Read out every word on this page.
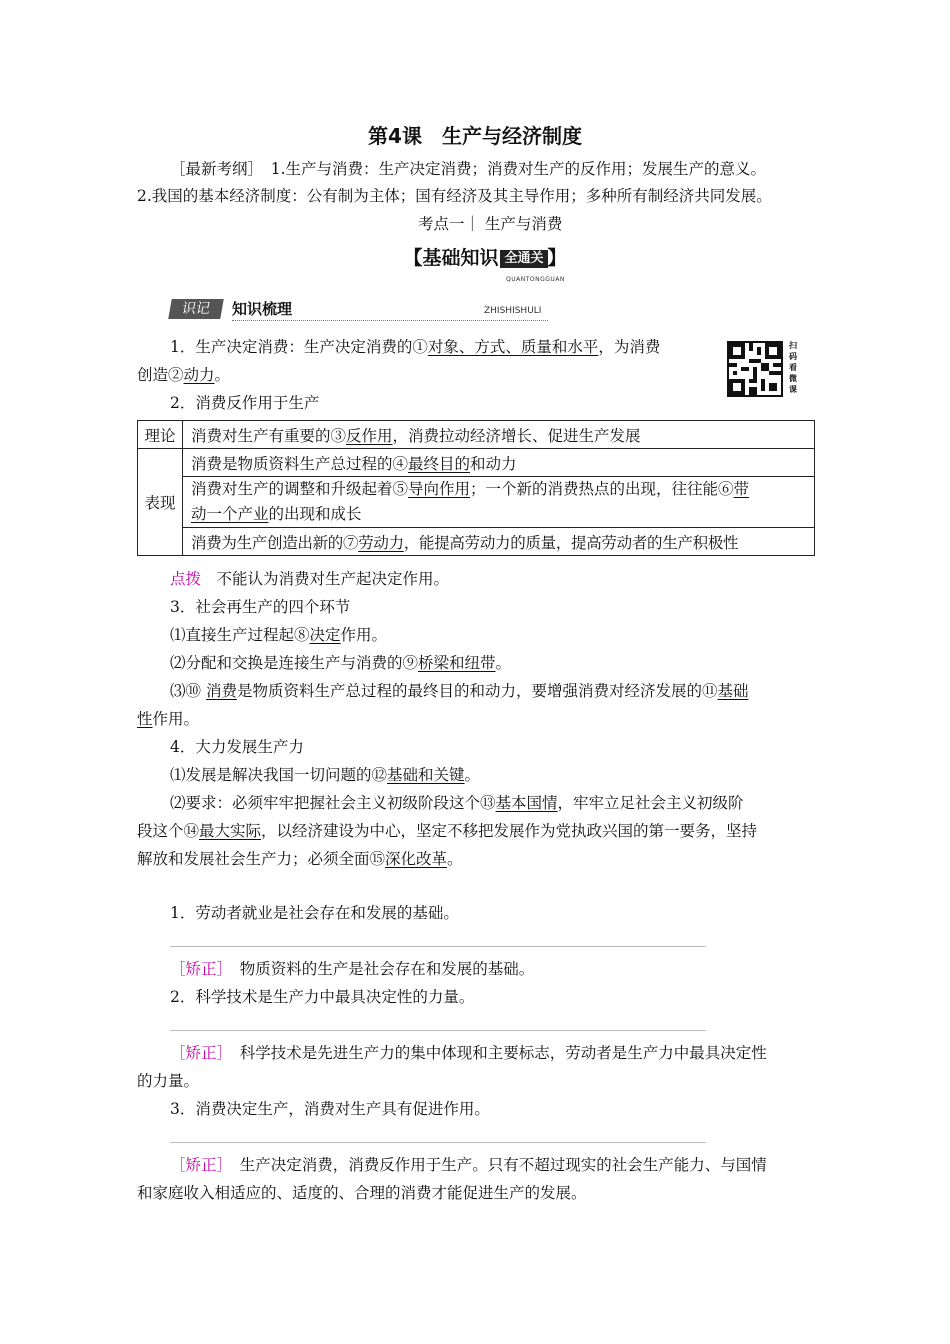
第4课　生产与经济制度
［最新考纲］　1.生产与消费：生产决定消费；消费对生产的反作用；发展生产的意义。
2.我国的基本经济制度：公有制为主体；国有经济及其主导作用；多种所有制经济共同发展。
考点一｜ 生产与消费
【基础知识 全通关 】
QUANTONGGUAN
识记	知识梳理	ZHISHISHULI
扫码看微课
1．生产决定消费：生产决定消费的①对象、方式、质量和水平，为消费
创造②动力。
2．消费反作用于生产
理论	消费对生产有重要的③反作用，消费拉动经济增长、促进生产发展
表现	消费是物质资料生产总过程的④最终目的和动力
	消费对生产的调整和升级起着⑤导向作用；一个新的消费热点的出现，往往能⑥带
动一个产业的出现和成长
	消费为生产创造出新的⑦劳动力，能提高劳动力的质量，提高劳动者的生产积极性
点拨　 不能认为消费对生产起决定作用。
3．社会再生产的四个环节
⑴直接生产过程起⑧决定作用。
⑵分配和交换是连接生产与消费的⑨桥梁和纽带。
⑶⑩ 消费是物质资料生产总过程的最终目的和动力，要增强消费对经济发展的⑪基础
性作用。
4．大力发展生产力
⑴发展是解决我国一切问题的⑫基础和关键。
⑵要求：必须牢牢把握社会主义初级阶段这个⑬基本国情，牢牢立足社会主义初级阶
段这个⑭最大实际，以经济建设为中心，坚定不移把发展作为党执政兴国的第一要务，坚持
解放和发展社会生产力；必须全面⑮深化改革。
1．劳动者就业是社会存在和发展的基础。
［矫正］　 物质资料的生产是社会存在和发展的基础。
2．科学技术是生产力中最具决定性的力量。
［矫正］　 科学技术是先进生产力的集中体现和主要标志，劳动者是生产力中最具决定性
的力量。
3．消费决定生产，消费对生产具有促进作用。
［矫正］　 生产决定消费，消费反作用于生产。只有不超过现实的社会生产能力、与国情
和家庭收入相适应的、适度的、合理的消费才能促进生产的发展。
